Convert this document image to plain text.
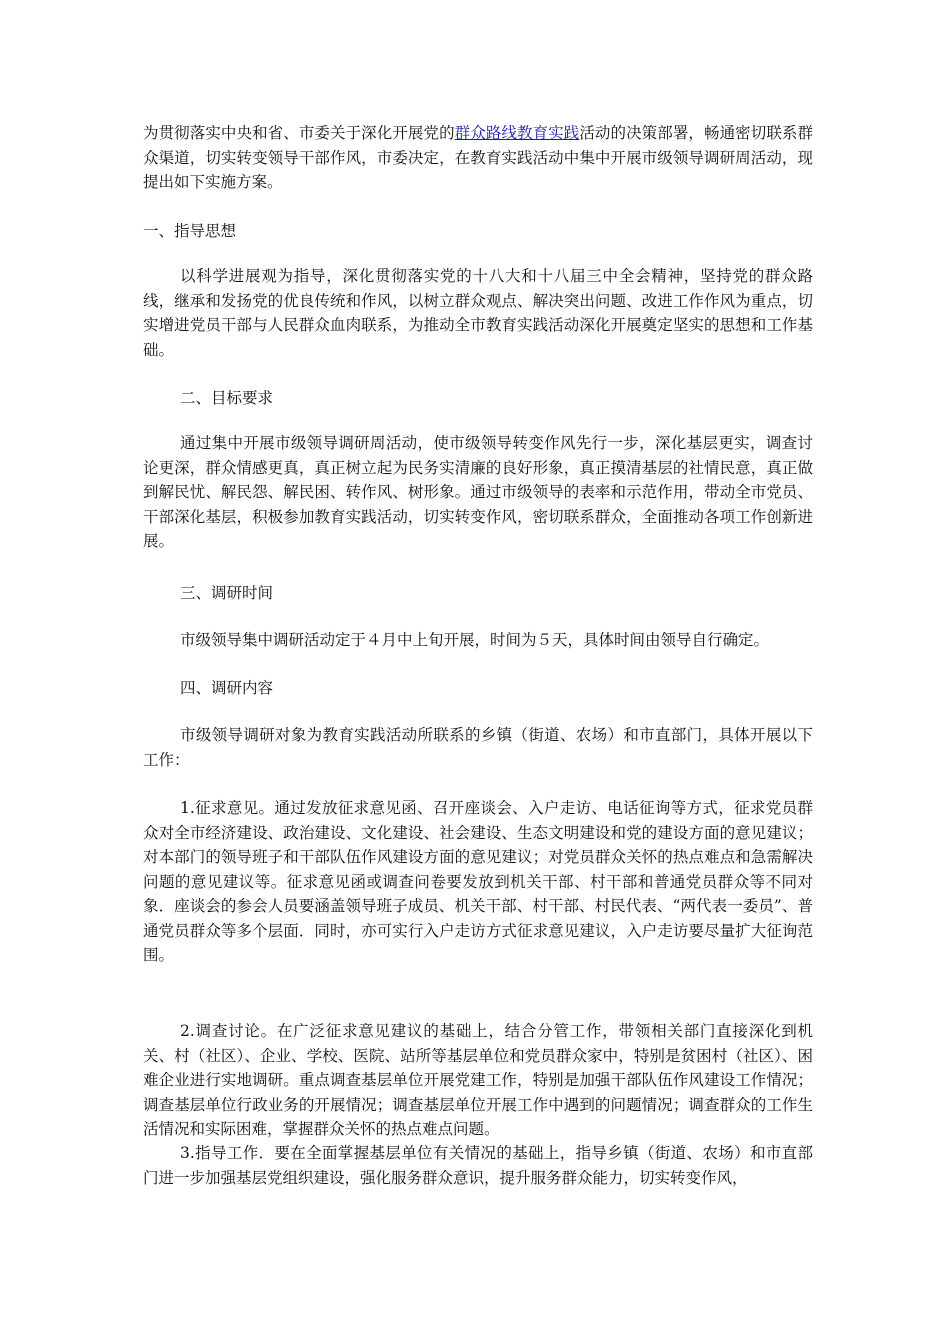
为贯彻落实中央和省、市委关于深化开展党的群众路线教育实践活动的决策部署，畅通密切联系群众渠道，切实转变领导干部作风，市委决定，在教育实践活动中集中开展市级领导调研周活动，现提出如下实施方案。

一、指导思想

以科学进展观为指导，深化贯彻落实党的十八大和十八届三中全会精神，坚持党的群众路线，继承和发扬党的优良传统和作风，以树立群众观点、解决突出问题、改进工作作风为重点，切实增进党员干部与人民群众血肉联系，为推动全市教育实践活动深化开展奠定坚实的思想和工作基础。

二、目标要求

通过集中开展市级领导调研周活动，使市级领导转变作风先行一步，深化基层更实，调查讨论更深，群众情感更真，真正树立起为民务实清廉的良好形象，真正摸清基层的社情民意，真正做到解民忧、解民怨、解民困、转作风、树形象。通过市级领导的表率和示范作用，带动全市党员、干部深化基层，积极参加教育实践活动，切实转变作风，密切联系群众，全面推动各项工作创新进展。

三、调研时间

市级领导集中调研活动定于４月中上旬开展，时间为５天，具体时间由领导自行确定。

四、调研内容

市级领导调研对象为教育实践活动所联系的乡镇（街道、农场）和市直部门，具体开展以下工作：

1.征求意见。通过发放征求意见函、召开座谈会、入户走访、电话征询等方式，征求党员群众对全市经济建设、政治建设、文化建设、社会建设、生态文明建设和党的建设方面的意见建议；对本部门的领导班子和干部队伍作风建设方面的意见建议；对党员群众关怀的热点难点和急需解决问题的意见建议等。征求意见函或调查问卷要发放到机关干部、村干部和普通党员群众等不同对象．座谈会的参会人员要涵盖领导班子成员、机关干部、村干部、村民代表、“两代表一委员”、普通党员群众等多个层面．同时，亦可实行入户走访方式征求意见建议，入户走访要尽量扩大征询范围。

2.调查讨论。在广泛征求意见建议的基础上，结合分管工作，带领相关部门直接深化到机关、村（社区）、企业、学校、医院、站所等基层单位和党员群众家中，特别是贫困村（社区）、困难企业进行实地调研。重点调查基层单位开展党建工作，特别是加强干部队伍作风建设工作情况；调查基层单位行政业务的开展情况；调查基层单位开展工作中遇到的问题情况；调查群众的工作生活情况和实际困难，掌握群众关怀的热点难点问题。

3.指导工作．要在全面掌握基层单位有关情况的基础上，指导乡镇（街道、农场）和市直部门进一步加强基层党组织建设，强化服务群众意识，提升服务群众能力，切实转变作风，
